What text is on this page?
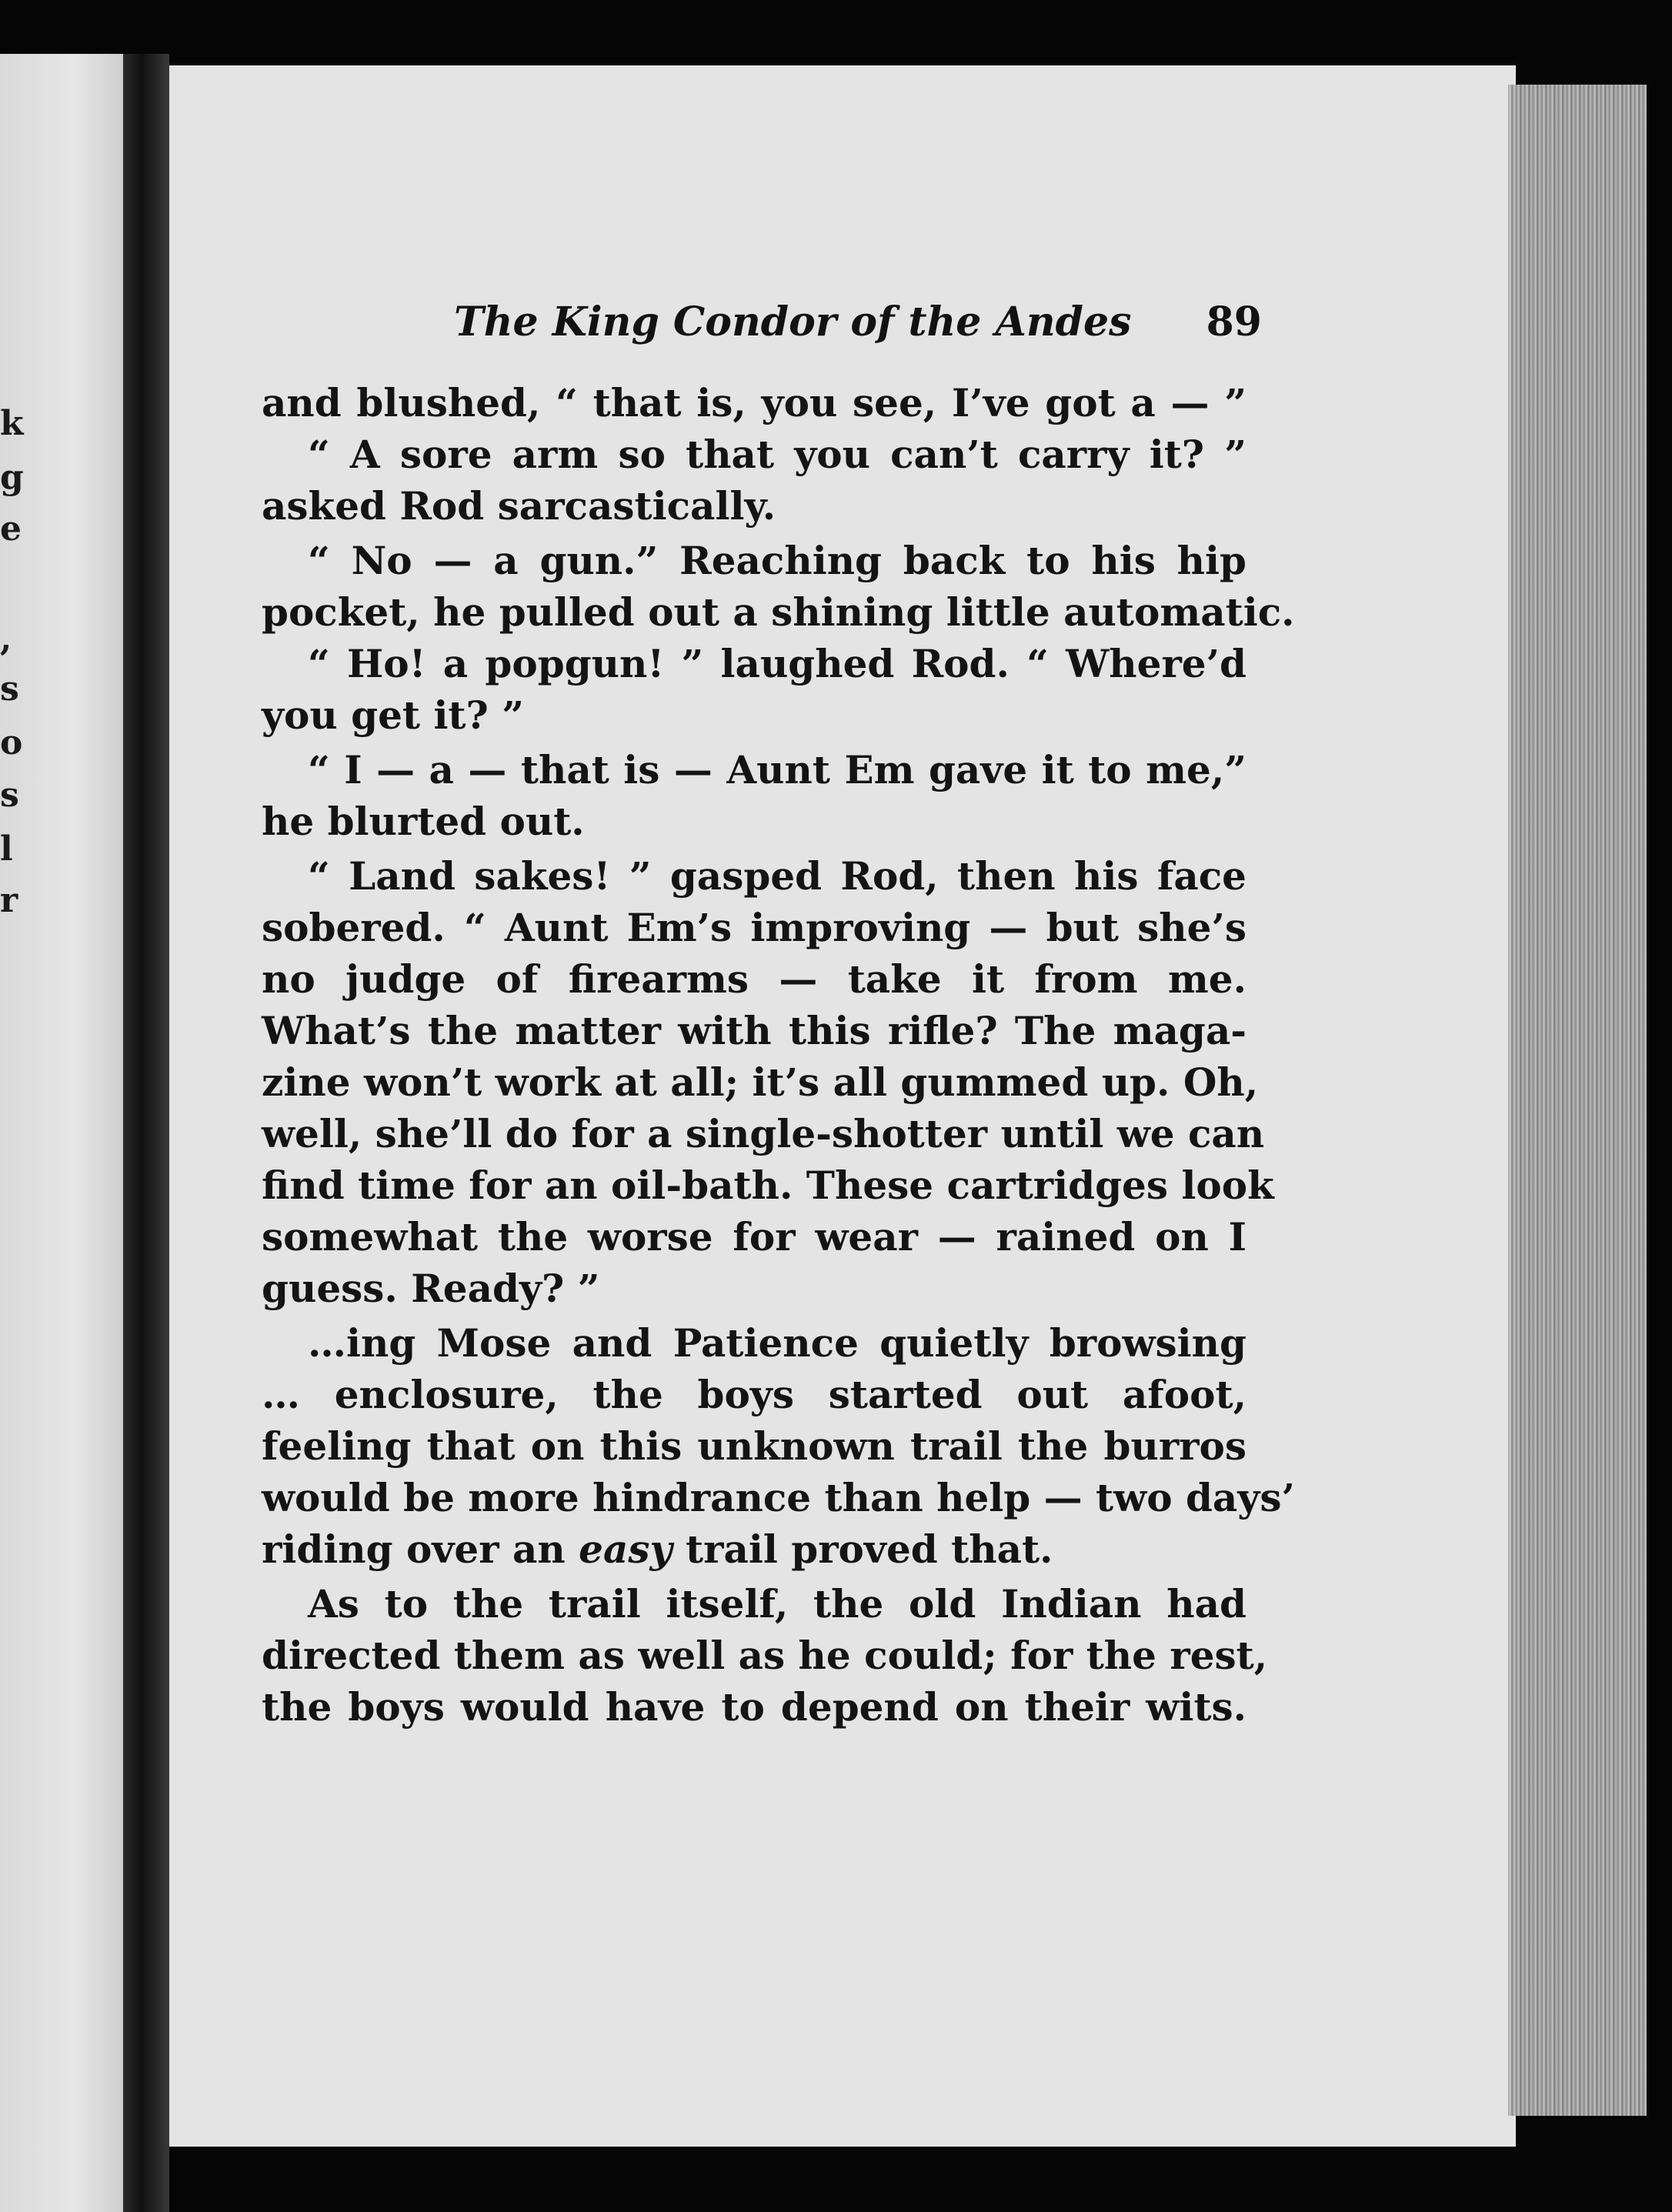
k
g
e
,
s
o
s
l
r
The King Condor of the Andes 89
and blushed, “ that is, you see, I’ve got a — ”
“ A sore arm so that you can’t carry it? ”
asked Rod sarcastically.
“ No — a gun.” Reaching back to his hip
pocket, he pulled out a shining little automatic.
“ Ho! a popgun! ” laughed Rod. “ Where’d
you get it? ”
“ I — a — that is — Aunt Em gave it to me,”
he blurted out.
“ Land sakes! ” gasped Rod, then his face
sobered. “ Aunt Em’s improving — but she’s
no judge of firearms — take it from me.
What’s the matter with this rifle? The maga-
zine won’t work at all; it’s all gummed up. Oh,
well, she’ll do for a single-shotter until we can
find time for an oil-bath. These cartridges look
somewhat the worse for wear — rained on I
guess. Ready? ”
…ing Mose and Patience quietly browsing
… enclosure, the boys started out afoot,
feeling that on this unknown trail the burros
would be more hindrance than help — two days’
riding over an easy trail proved that.
As to the trail itself, the old Indian had
directed them as well as he could; for the rest,
the boys would have to depend on their wits.
